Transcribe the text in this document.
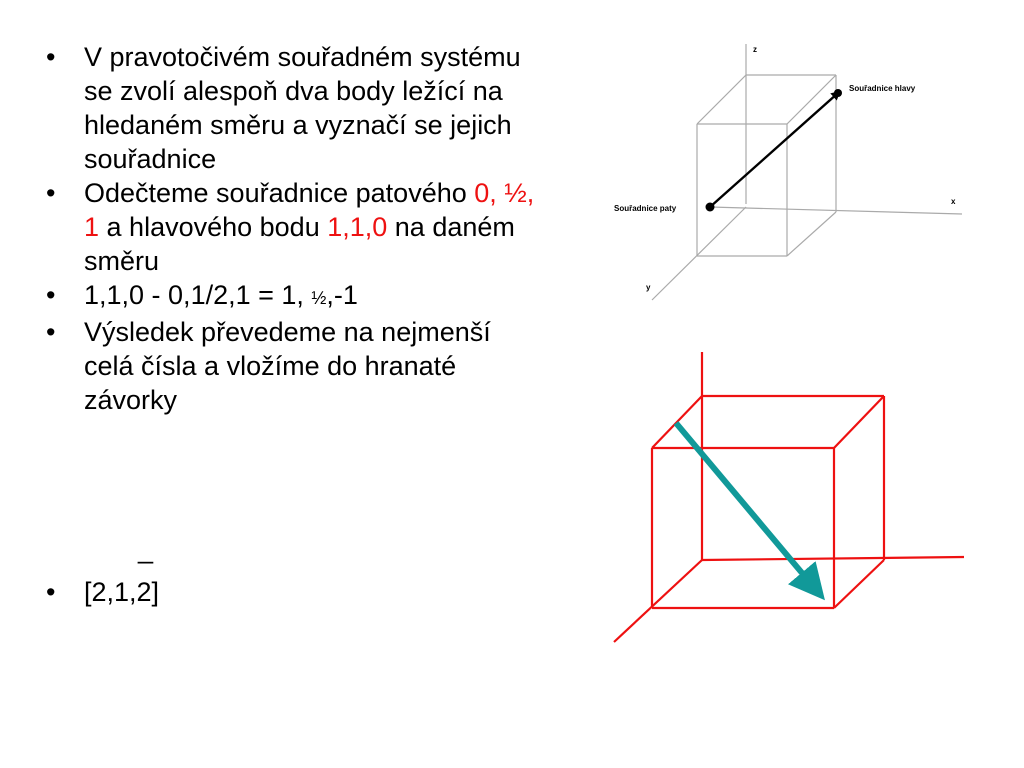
• V pravotočivém souřadném systému se zvolí alespoň dva body ležící na hledaném směru a vyznačí se jejich souřadnice
• Odečteme souřadnice patového 0, ½, 1 a hlavového bodu 1,1,0 na daném směru
• 1,1,0 - 0,1/2,1 = 1, ½,-1
• Výsledek převedeme na nejmenší celá čísla a vložíme do hranaté závorky
_
• [2,1,2]
z
x
y
Souřadnice hlavy
Souřadnice paty
